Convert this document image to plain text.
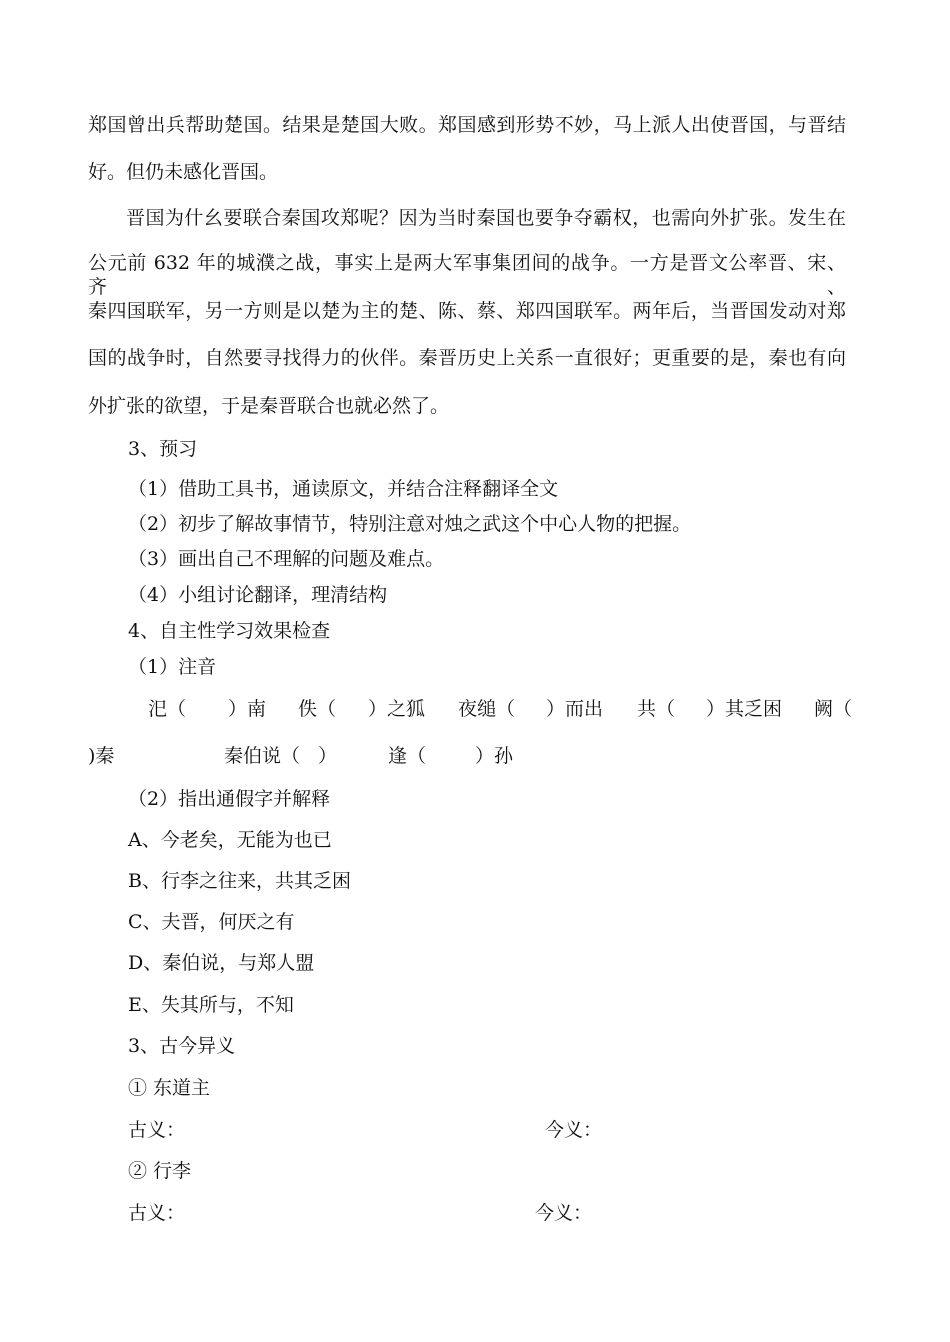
郑国曾出兵帮助楚国。结果是楚国大败。郑国感到形势不妙，马上派人出使晋国，与晋结
好。但仍未感化晋国。
晋国为什幺要联合秦国攻郑呢？因为当时秦国也要争夺霸权，也需向外扩张。发生在
公元前 632 年的城濮之战，事实上是两大军事集团间的战争。一方是晋文公率晋、宋、齐、
秦四国联军，另一方则是以楚为主的楚、陈、蔡、郑四国联军。两年后，当晋国发动对郑
国的战争时，自然要寻找得力的伙伴。秦晋历史上关系一直很好；更重要的是，秦也有向
外扩张的欲望，于是秦晋联合也就必然了。
3、预习
（1）借助工具书，通读原文，并结合注释翻译全文
（2）初步了解故事情节，特别注意对烛之武这个中心人物的把握。
（3）画出自己不理解的问题及难点。
（4）小组讨论翻译，理清结构
4、自主性学习效果检查
（1）注音
汜（ ）南 佚（ ）之狐 夜缒（ ）而出 共（ ）其乏困 阙（
)秦	秦伯说（ ）	逢（	）孙
（2）指出通假字并解释
A、今老矣，无能为也已
B、行李之往来，共其乏困
C、夫晋，何厌之有
D、秦伯说，与郑人盟
E、失其所与，不知
3、古今异义
① 东道主
古义：	今义：
② 行李
古义：	今义：
